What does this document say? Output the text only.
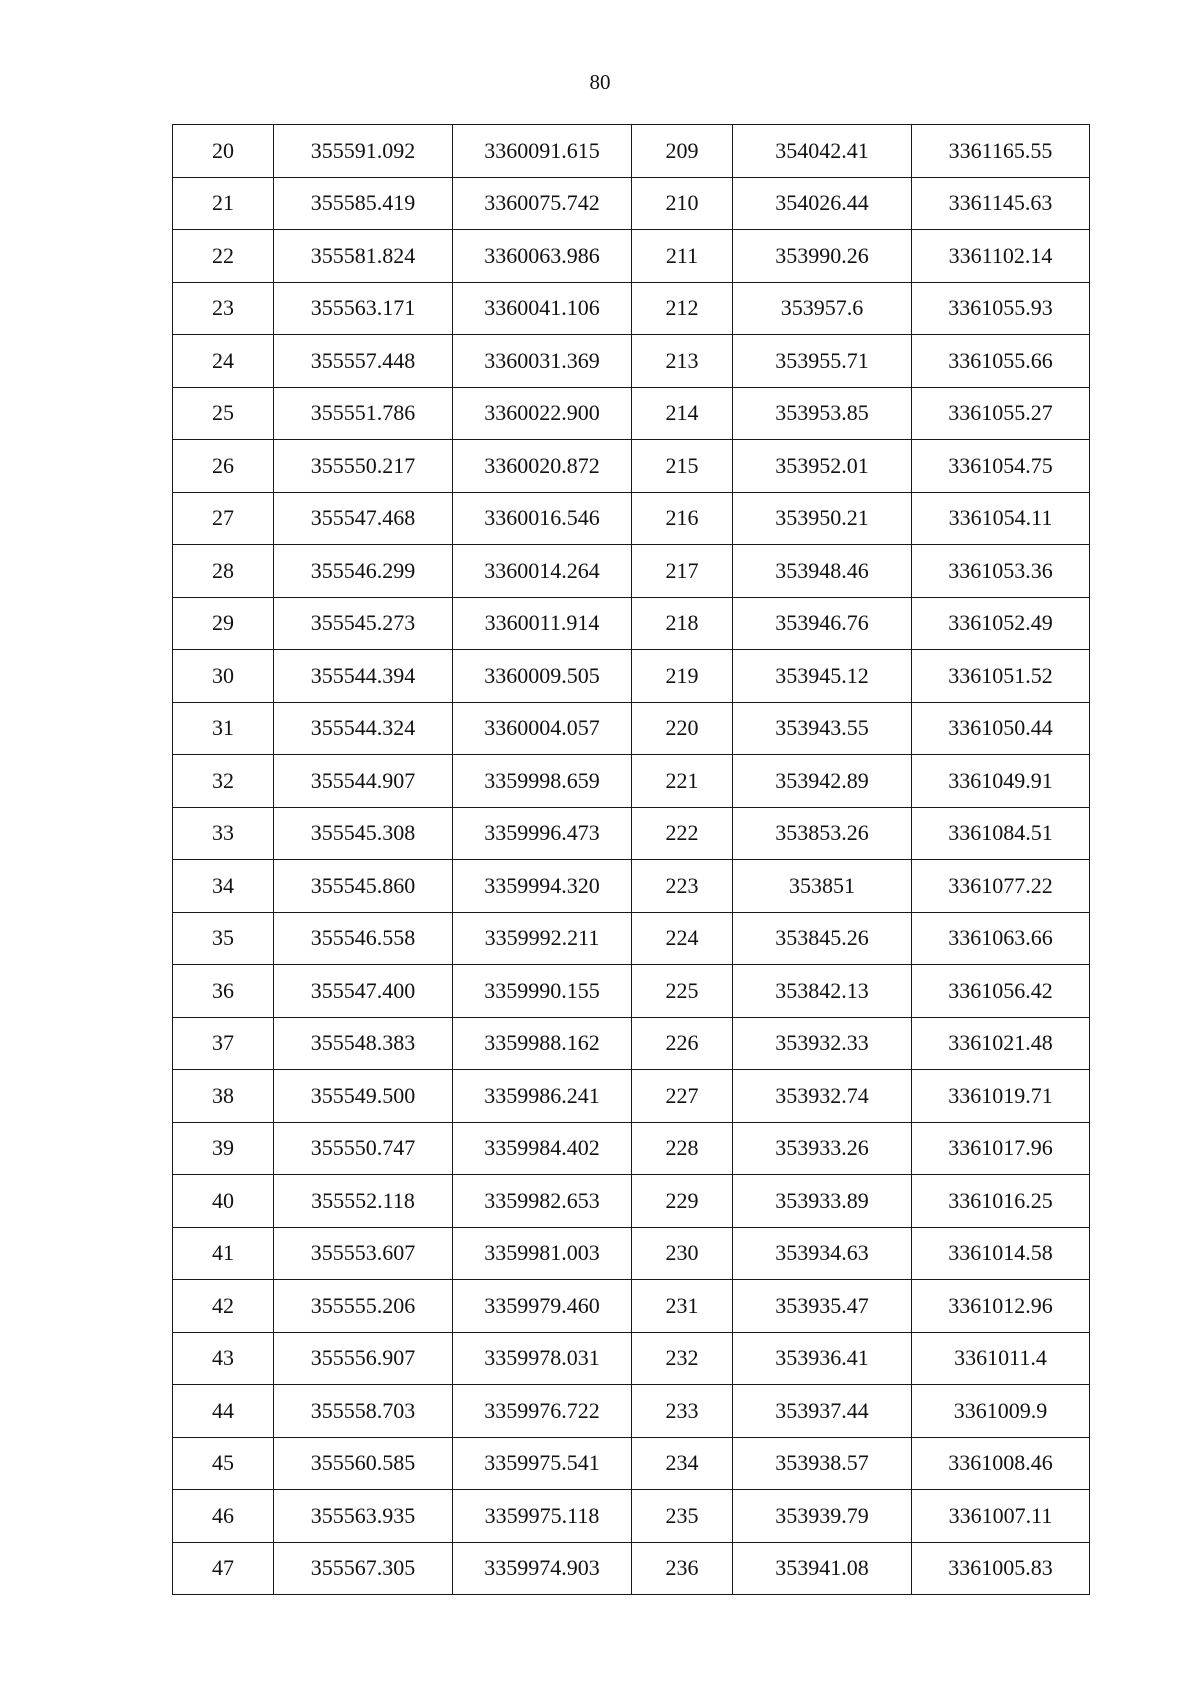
80
20	355591.092	3360091.615	209	354042.41	3361165.55
21	355585.419	3360075.742	210	354026.44	3361145.63
22	355581.824	3360063.986	211	353990.26	3361102.14
23	355563.171	3360041.106	212	353957.6	3361055.93
24	355557.448	3360031.369	213	353955.71	3361055.66
25	355551.786	3360022.900	214	353953.85	3361055.27
26	355550.217	3360020.872	215	353952.01	3361054.75
27	355547.468	3360016.546	216	353950.21	3361054.11
28	355546.299	3360014.264	217	353948.46	3361053.36
29	355545.273	3360011.914	218	353946.76	3361052.49
30	355544.394	3360009.505	219	353945.12	3361051.52
31	355544.324	3360004.057	220	353943.55	3361050.44
32	355544.907	3359998.659	221	353942.89	3361049.91
33	355545.308	3359996.473	222	353853.26	3361084.51
34	355545.860	3359994.320	223	353851	3361077.22
35	355546.558	3359992.211	224	353845.26	3361063.66
36	355547.400	3359990.155	225	353842.13	3361056.42
37	355548.383	3359988.162	226	353932.33	3361021.48
38	355549.500	3359986.241	227	353932.74	3361019.71
39	355550.747	3359984.402	228	353933.26	3361017.96
40	355552.118	3359982.653	229	353933.89	3361016.25
41	355553.607	3359981.003	230	353934.63	3361014.58
42	355555.206	3359979.460	231	353935.47	3361012.96
43	355556.907	3359978.031	232	353936.41	3361011.4
44	355558.703	3359976.722	233	353937.44	3361009.9
45	355560.585	3359975.541	234	353938.57	3361008.46
46	355563.935	3359975.118	235	353939.79	3361007.11
47	355567.305	3359974.903	236	353941.08	3361005.83
